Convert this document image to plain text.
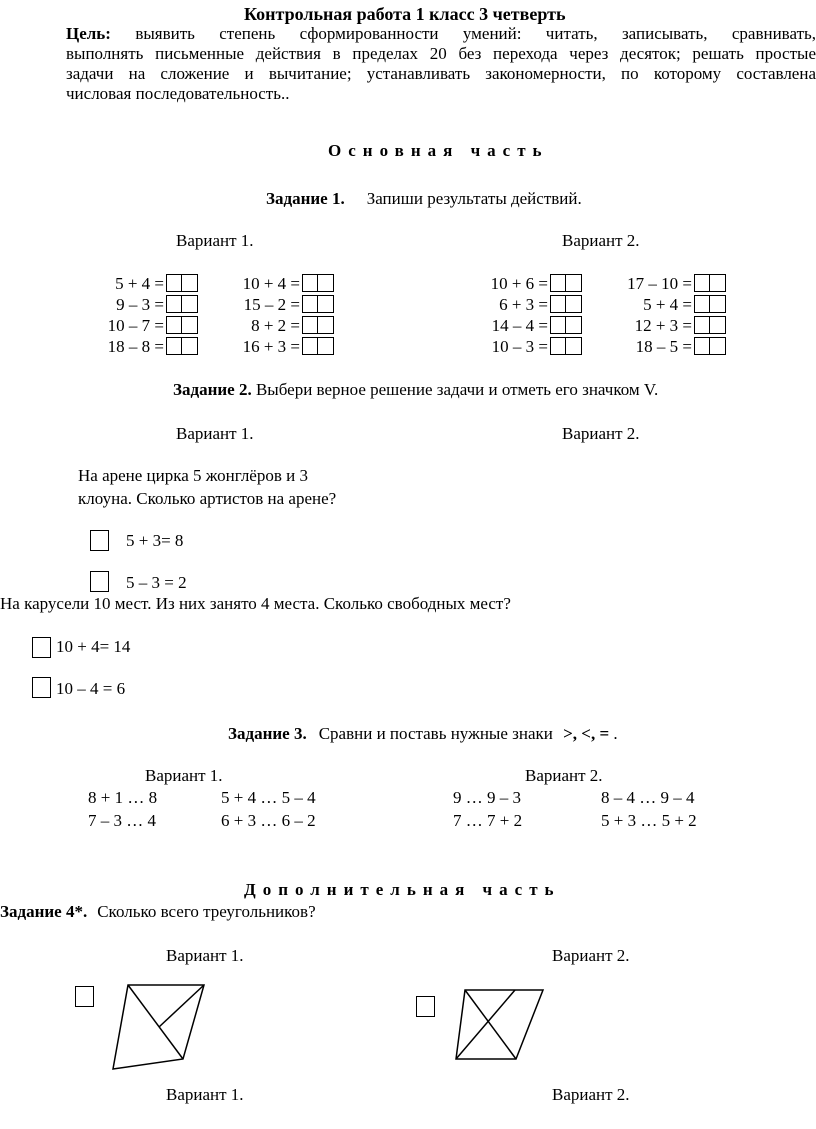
Контрольная работа 1 класс 3 четверть
Цель: выявить степень сформированности умений: читать, записывать, сравнивать,
выполнять письменные действия в пределах 20 без перехода через десяток; решать простые
задачи на сложение и вычитание; устанавливать закономерности, по которому составлена
числовая последовательность..
Основная часть
Задание 1. Запиши результаты действий.
Вариант 1.	Вариант 2.
5 + 4 =
9 – 3 =
10 – 7 =
18 – 8 =
10 + 4 =
15 – 2 =
8 + 2 =
16 + 3 =
10 + 6 =
6 + 3 =
14 – 4 =
10 – 3 =
17 – 10 =
5 + 4 =
12 + 3 =
18 – 5 =
Задание 2. Выбери верное решение задачи и отметь его значком V.
Вариант 1.	Вариант 2.
На арене цирка 5 жонглёров и 3
клоуна. Сколько артистов на арене?
5 + 3= 8
5 – 3 = 2
На карусели 10 мест. Из них занято 4 места. Сколько свободных мест?
10 + 4= 14
10 – 4 = 6
Задание 3. Сравни и поставь нужные знаки >, <, = .
Вариант 1.	Вариант 2.
8 + 1 … 8	5 + 4 … 5 – 4
7 – 3 … 4	6 + 3 … 6 – 2
9 … 9 – 3	8 – 4 … 9 – 4
7 … 7 + 2	5 + 3 … 5 + 2
Дополнительная часть
Задание 4*. Сколько всего треугольников?
Вариант 1.	Вариант 2.
Вариант 1.	Вариант 2.
